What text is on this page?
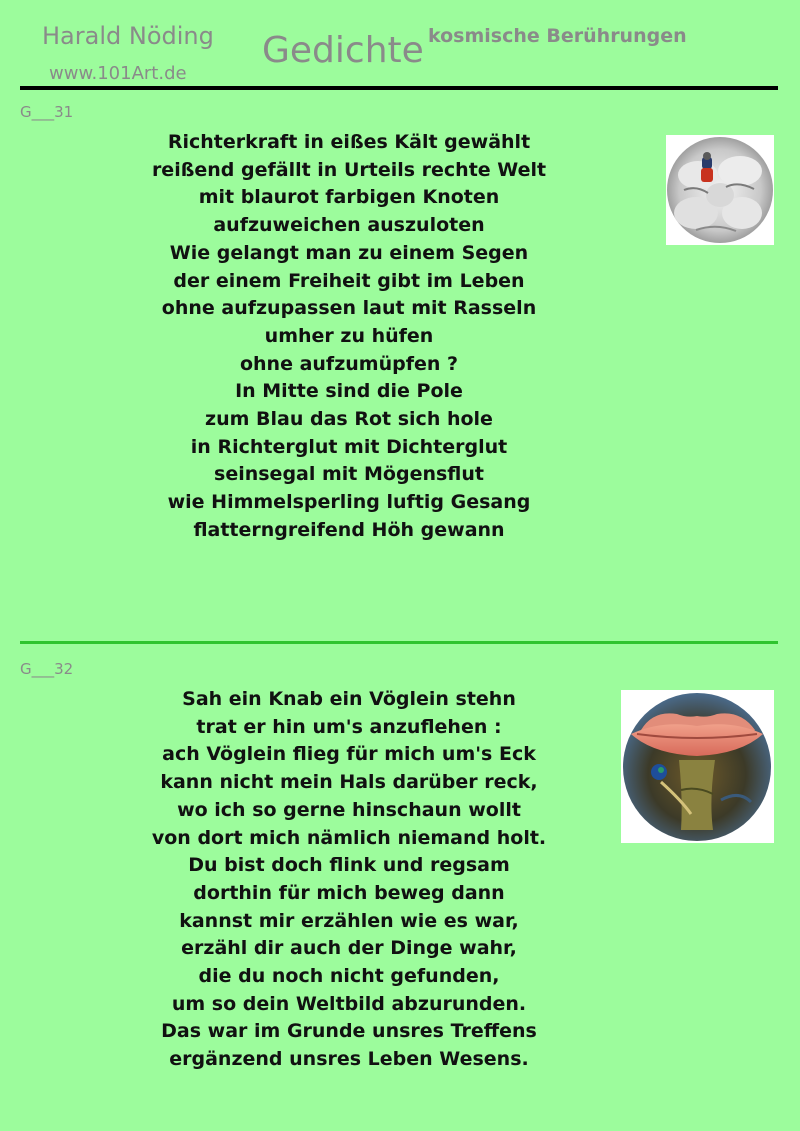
Harald Nöding
www.101Art.de
Gedichte kosmische Berührungen
G___31
Richterkraft in eißes Kält gewählt
reißend gefällt in Urteils rechte Welt
mit blaurot farbigen Knoten
aufzuweichen auszuloten
Wie gelangt man zu einem Segen
der einem Freiheit gibt im Leben
ohne aufzupassen laut mit Rasseln
umher zu hüfen
ohne aufzumüpfen ?
In Mitte sind die Pole
zum Blau das Rot sich hole
in Richterglut mit Dichterglut
seinsegal mit Mögensflut
wie Himmelsperling luftig Gesang
flatterngreifend Höh gewann
G___32
Sah ein Knab ein Vöglein stehn
trat er hin um's anzuflehen :
ach Vöglein flieg für mich um's Eck
kann nicht mein Hals darüber reck,
wo ich so gerne hinschaun wollt
von dort mich nämlich niemand holt.
Du bist doch flink und regsam
dorthin für mich beweg dann
kannst mir erzählen wie es war,
erzähl dir auch der Dinge wahr,
die du noch nicht gefunden,
um so dein Weltbild abzurunden.
Das war im Grunde unsres Treffens
ergänzend unsres Leben Wesens.
